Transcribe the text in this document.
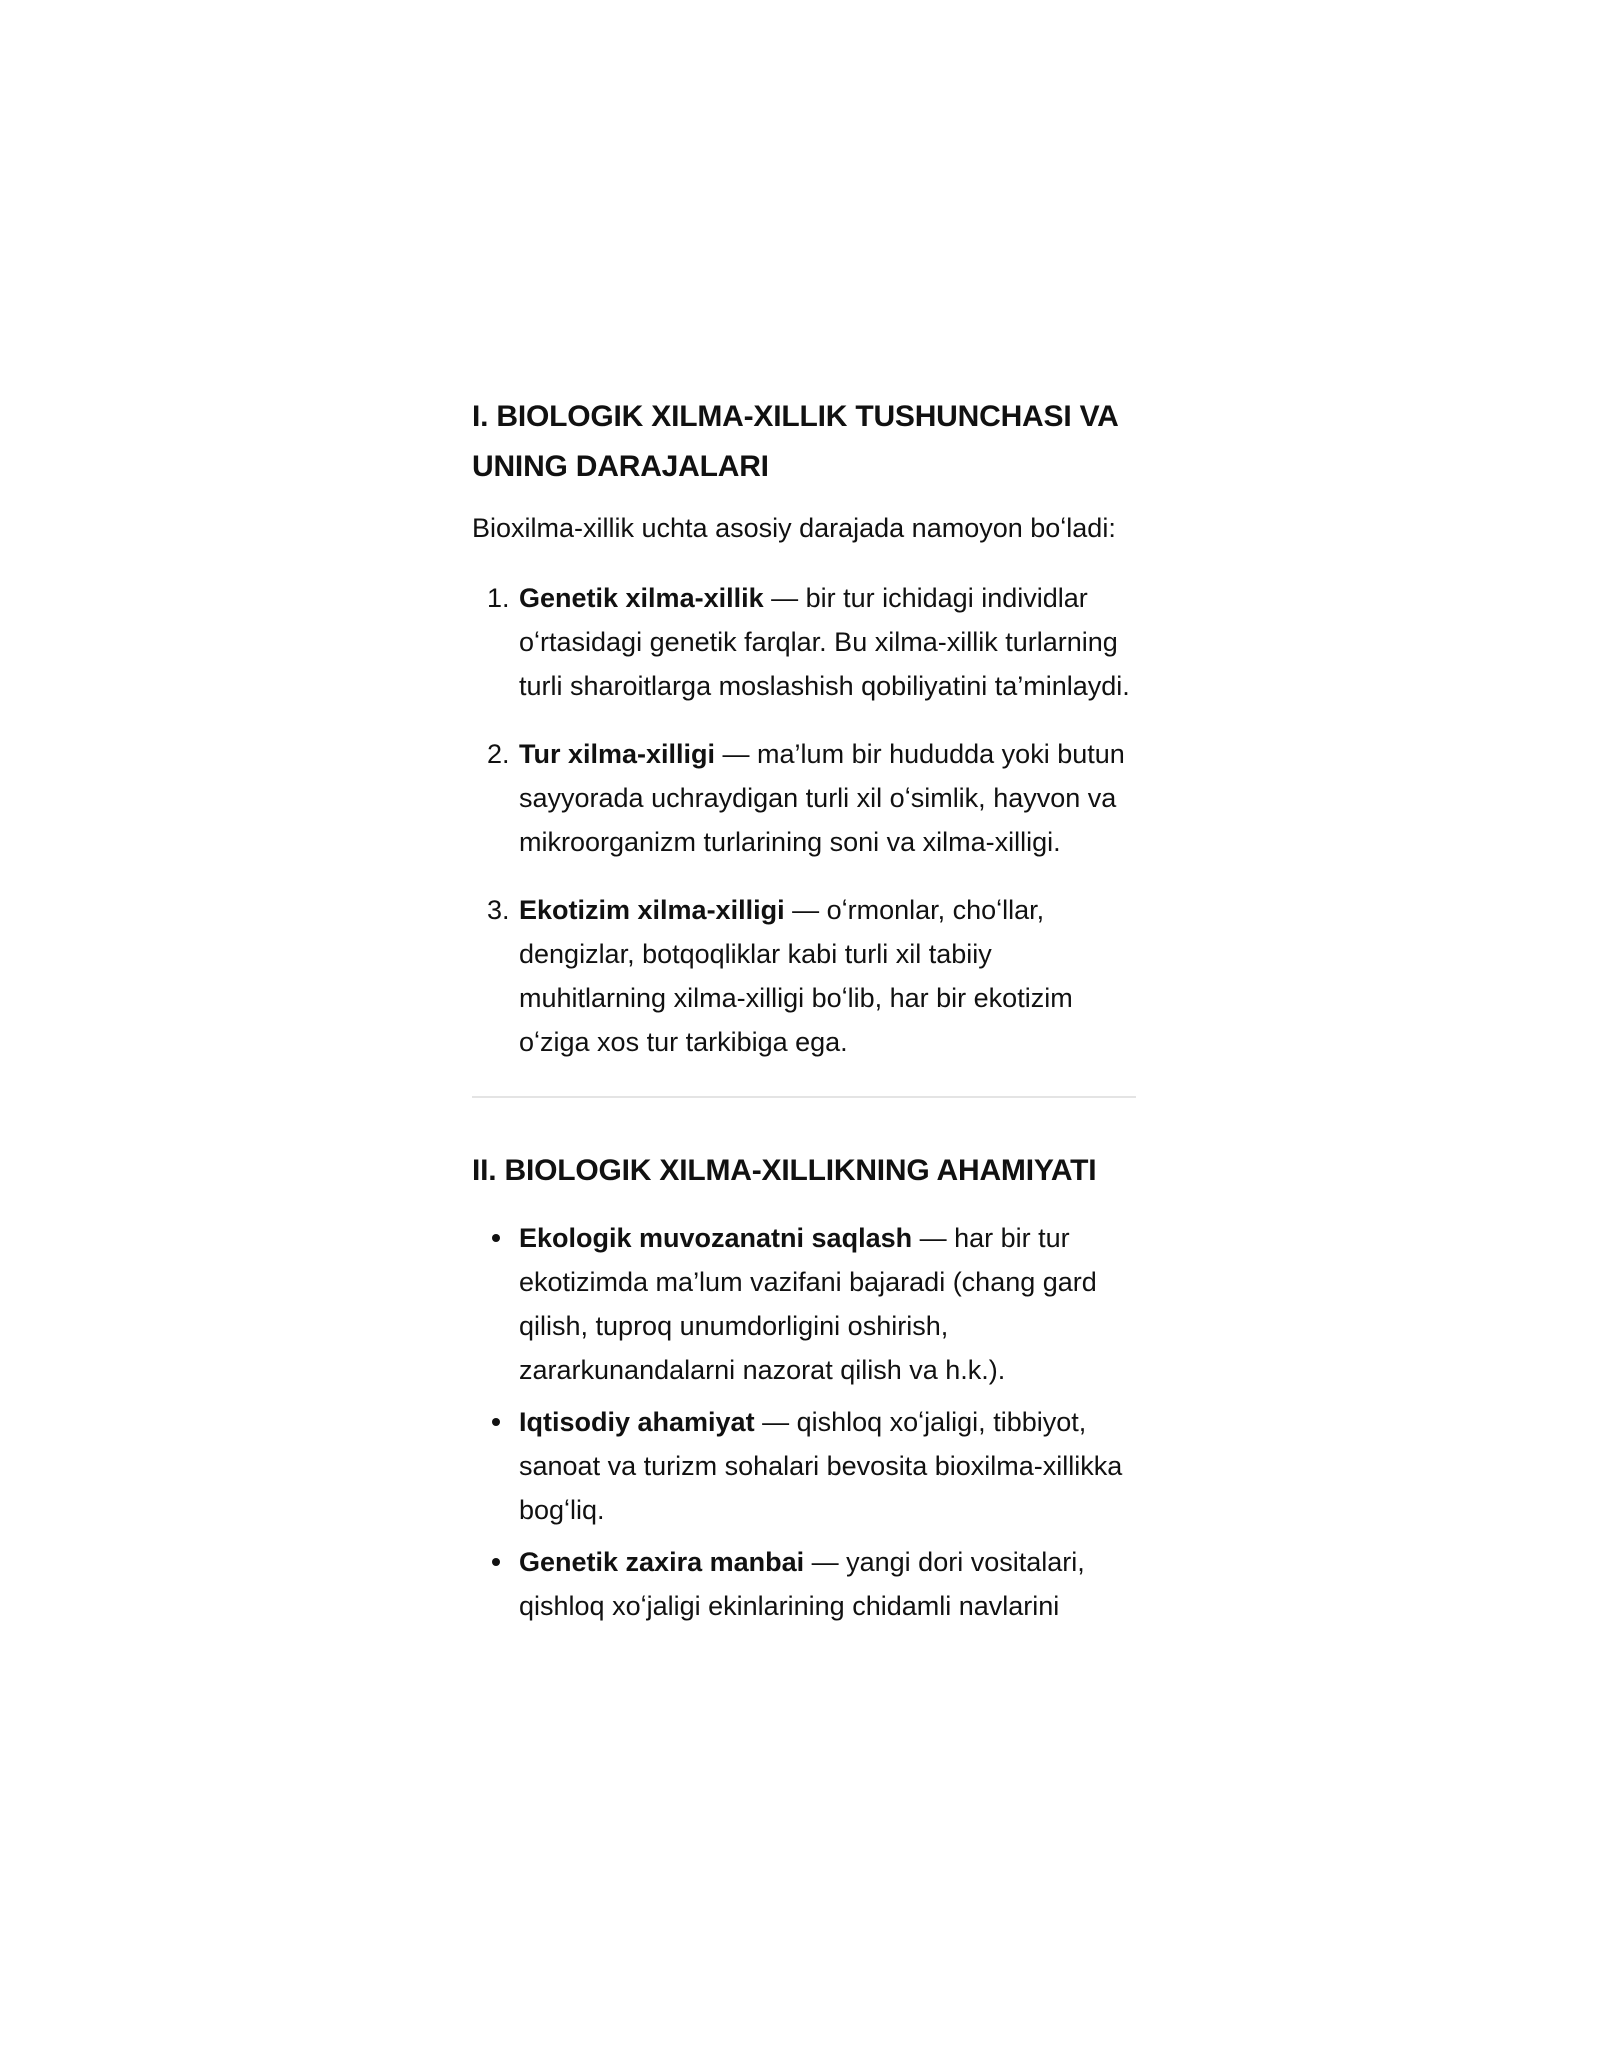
I. BIOLOGIK XILMA-XILLIK TUSHUNCHASI VA
UNING DARAJALARI

Bioxilma-xillik uchta asosiy darajada namoyon boʻladi:

1. Genetik xilma-xillik — bir tur ichidagi individlar oʻrtasidagi genetik farqlar. Bu xilma-xillik turlarning turli sharoitlarga moslashish qobiliyatini ta’minlaydi.
2. Tur xilma-xilligi — ma’lum bir hududda yoki butun sayyorada uchraydigan turli xil oʻsimlik, hayvon va mikroorganizm turlarining soni va xilma-xilligi.
3. Ekotizim xilma-xilligi — oʻrmonlar, choʻllar, dengizlar, botqoqliklar kabi turli xil tabiiy muhitlarning xilma-xilligi boʻlib, har bir ekotizim oʻziga xos tur tarkibiga ega.
II. BIOLOGIK XILMA-XILLIKNING AHAMIYATI
Ekologik muvozanatni saqlash — har bir tur ekotizimda ma’lum vazifani bajaradi (chang gard qilish, tuproq unumdorligini oshirish, zararkunandalarni nazorat qilish va h.k.).
Iqtisodiy ahamiyat — qishloq xoʻjaligi, tibbiyot, sanoat va turizm sohalari bevosita bioxilma-xillikka bogʻliq.
Genetik zaxira manbai — yangi dori vositalari, qishloq xoʻjaligi ekinlarining chidamli navlarini
